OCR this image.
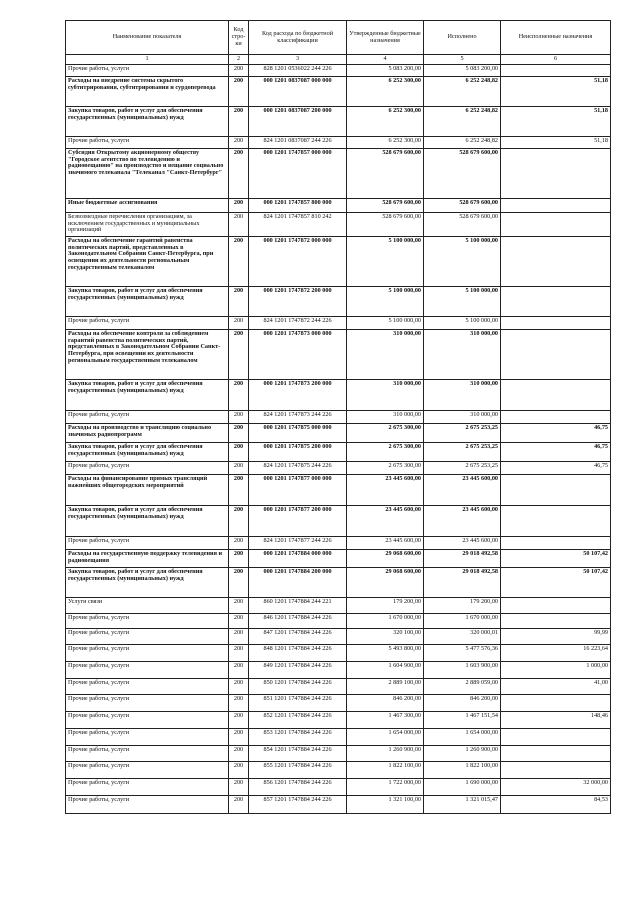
Наименование показателя	Код стро-ки	Код расхода по бюджетной классификации	Утвержденные бюджетные назначения	Исполнено	Неисполненные назначения
1	2	3	4	5	6
Прочие работы, услуги	200	828 1201 0536022 244 226	5 083 200,00	5 083 200,00	
Расходы на внедрение системы скрытого субтитрирования, субтитрирования и сурдоперевода	200	000 1201 0837087 000 000	6 252 300,00	6 252 248,82	51,18
Закупка товаров, работ и услуг для обеспечения государственных (муниципальных) нужд	200	000 1201 0837087 200 000	6 252 300,00	6 252 248,82	51,18
Прочие работы, услуги	200	824 1201 0837087 244 226	6 252 300,00	6 252 248,82	51,18
Субсидия Открытому акционерному обществу "Городское агентство по телевидению и радиовещанию" на производство и вещание социально значимого телеканала "Телеканал "Санкт-Петербург"	200	000 1201 1747857 000 000	528 679 600,00	528 679 600,00	
Иные бюджетные ассигнования	200	000 1201 1747857 800 000	528 679 600,00	528 679 600,00	
Безвозмездные перечисления организациям, за исключением государственных и муниципальных организаций	200	824 1201 1747857 810 242	528 679 600,00	528 679 600,00	
Расходы на обеспечение гарантий равенства политических партий, представленных в Законодательном Собрании Санкт-Петербурга, при освещении их деятельности региональным государственным телеканалом	200	000 1201 1747872 000 000	5 100 000,00	5 100 000,00	
Закупка товаров, работ и услуг для обеспечения государственных (муниципальных) нужд	200	000 1201 1747872 200 000	5 100 000,00	5 100 000,00	
Прочие работы, услуги	200	824 1201 1747872 244 226	5 100 000,00	5 100 000,00	
Расходы на обеспечение контроля за соблюдением гарантий равенства политических партий, представленных в Законодательном Собрании Санкт-Петербурга, при освещении их деятельности региональным государственным телеканалом	200	000 1201 1747873 000 000	310 000,00	310 000,00	
Закупка товаров, работ и услуг для обеспечения государственных (муниципальных) нужд	200	000 1201 1747873 200 000	310 000,00	310 000,00	
Прочие работы, услуги	200	824 1201 1747873 244 226	310 000,00	310 000,00	
Расходы на производство и трансляцию социально значимых радиопрограмм	200	000 1201 1747875 000 000	2 675 300,00	2 675 253,25	46,75
Закупка товаров, работ и услуг для обеспечения государственных (муниципальных) нужд	200	000 1201 1747875 200 000	2 675 300,00	2 675 253,25	46,75
Прочие работы, услуги	200	824 1201 1747875 244 226	2 675 300,00	2 675 253,25	46,75
Расходы на финансирование прямых трансляций важнейших общегородских мероприятий	200	000 1201 1747877 000 000	23 445 600,00	23 445 600,00	
Закупка товаров, работ и услуг для обеспечения государственных (муниципальных) нужд	200	000 1201 1747877 200 000	23 445 600,00	23 445 600,00	
Прочие работы, услуги	200	824 1201 1747877 244 226	23 445 600,00	23 445 600,00	
Расходы на государственную поддержку телевидения и радиовещания	200	000 1201 1747884 000 000	29 068 600,00	29 018 492,58	50 107,42
Закупка товаров, работ и услуг для обеспечения государственных (муниципальных) нужд	200	000 1201 1747884 200 000	29 068 600,00	29 018 492,58	50 107,42
Услуги связи	200	860 1201 1747884 244 221	179 200,00	179 200,00	
Прочие работы, услуги	200	846 1201 1747884 244 226	1 670 000,00	1 670 000,00	
Прочие работы, услуги	200	847 1201 1747884 244 226	320 100,00	320 000,01	99,99
Прочие работы, услуги	200	848 1201 1747884 244 226	5 493 800,00	5 477 576,36	16 223,64
Прочие работы, услуги	200	849 1201 1747884 244 226	1 604 900,00	1 603 900,00	1 000,00
Прочие работы, услуги	200	850 1201 1747884 244 226	2 889 100,00	2 889 059,00	41,00
Прочие работы, услуги	200	851 1201 1747884 244 226	846 200,00	846 200,00	
Прочие работы, услуги	200	852 1201 1747884 244 226	1 467 300,00	1 467 151,54	148,46
Прочие работы, услуги	200	853 1201 1747884 244 226	1 654 000,00	1 654 000,00	
Прочие работы, услуги	200	854 1201 1747884 244 226	1 260 900,00	1 260 900,00	
Прочие работы, услуги	200	855 1201 1747884 244 226	1 822 100,00	1 822 100,00	
Прочие работы, услуги	200	856 1201 1747884 244 226	1 722 000,00	1 690 000,00	32 000,00
Прочие работы, услуги	200	857 1201 1747884 244 226	1 321 100,00	1 321 015,47	84,53
